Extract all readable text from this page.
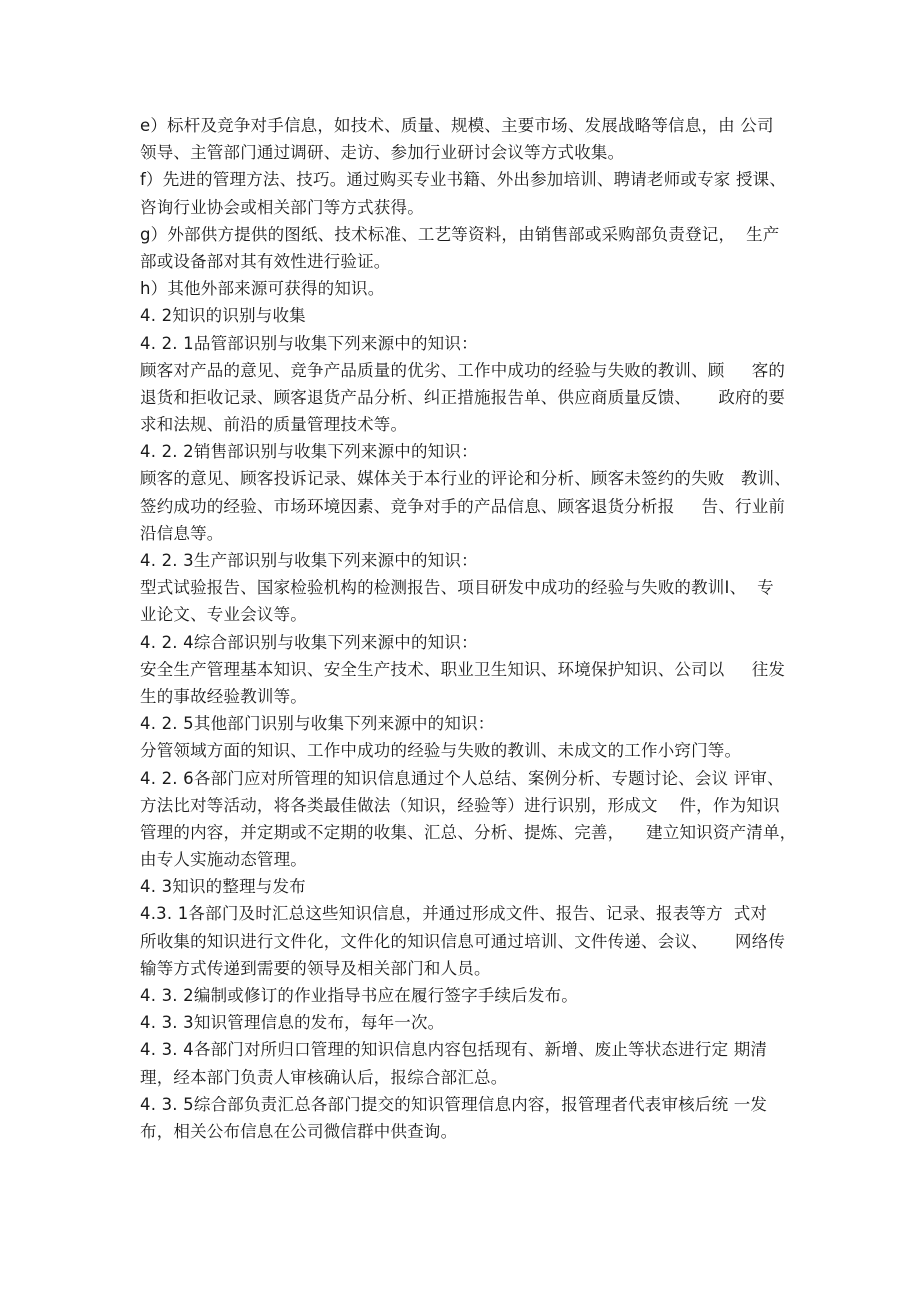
e）标杆及竞争对手信息，如技术、质量、规模、主要市场、发展战略等信息，由 公司
领导、主管部门通过调研、走访、参加行业研讨会议等方式收集。
f）先进的管理方法、技巧。通过购买专业书籍、外出参加培训、聘请老师或专家 授课、
咨询行业协会或相关部门等方式获得。
g）外部供方提供的图纸、技术标准、工艺等资料，由销售部或采购部负责登记，  生产
部或设备部对其有效性进行验证。
h）其他外部来源可获得的知识。
4. 2知识的识别与收集
4. 2. 1品管部识别与收集下列来源中的知识：
顾客对产品的意见、竞争产品质量的优劣、工作中成功的经验与失败的教训、顾     客的
退货和拒收记录、顾客退货产品分析、纠正措施报告单、供应商质量反馈、     政府的要
求和法规、前沿的质量管理技术等。
4. 2. 2销售部识别与收集下列来源中的知识：
顾客的意见、顾客投诉记录、媒体关于本行业的评论和分析、顾客未签约的失败   教训、
签约成功的经验、市场环境因素、竞争对手的产品信息、顾客退货分析报     告、行业前
沿信息等。
4. 2. 3生产部识别与收集下列来源中的知识：
型式试验报告、国家检验机构的检测报告、项目研发中成功的经验与失败的教训I、  专
业论文、专业会议等。
4. 2. 4综合部识别与收集下列来源中的知识：
安全生产管理基本知识、安全生产技术、职业卫生知识、环境保护知识、公司以     往发
生的事故经验教训等。
4. 2. 5其他部门识别与收集下列来源中的知识：
分管领域方面的知识、工作中成功的经验与失败的教训、未成文的工作小窍门等。
4. 2. 6各部门应对所管理的知识信息通过个人总结、案例分析、专题讨论、会议 评审、
方法比对等活动，将各类最佳做法（知识，经验等）进行识别，形成文    件，作为知识
管理的内容，并定期或不定期的收集、汇总、分析、提炼、完善，    建立知识资产清单，
由专人实施动态管理。
4. 3知识的整理与发布
4.3. 1各部门及时汇总这些知识信息，并通过形成文件、报告、记录、报表等方  式对
所收集的知识进行文件化，文件化的知识信息可通过培训、文件传递、会议、     网络传
输等方式传递到需要的领导及相关部门和人员。
4. 3. 2编制或修订的作业指导书应在履行签字手续后发布。
4. 3. 3知识管理信息的发布，每年一次。
4. 3. 4各部门对所归口管理的知识信息内容包括现有、新增、废止等状态进行定 期清
理，经本部门负责人审核确认后，报综合部汇总。
4. 3. 5综合部负责汇总各部门提交的知识管理信息内容，报管理者代表审核后统 一发
布，相关公布信息在公司微信群中供查询。
